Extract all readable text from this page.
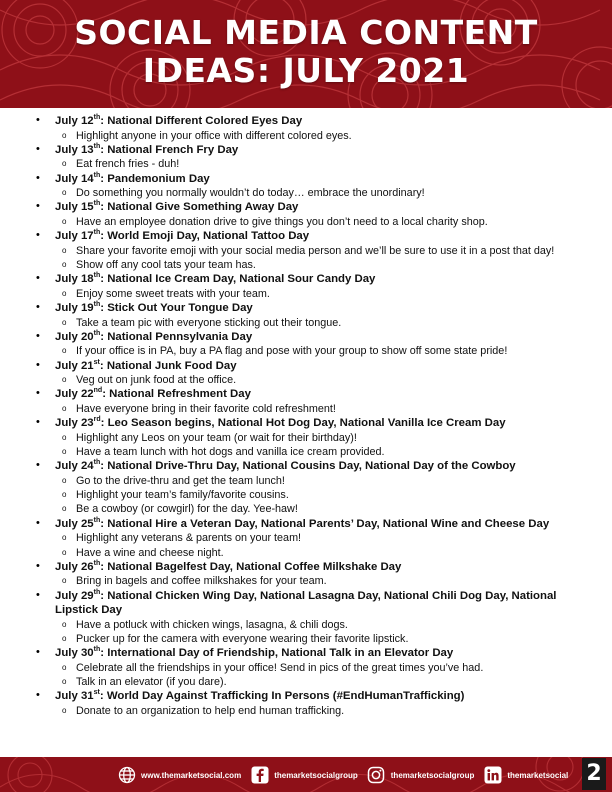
SOCIAL MEDIA CONTENT
IDEAS: JULY 2021
• July 12th: National Different Colored Eyes Day
o Highlight anyone in your office with different colored eyes.
• July 13th: National French Fry Day
o Eat french fries - duh!
• July 14th: Pandemonium Day
o Do something you normally wouldn’t do today… embrace the unordinary!
• July 15th: National Give Something Away Day
o Have an employee donation drive to give things you don’t need to a local charity shop.
• July 17th: World Emoji Day, National Tattoo Day
o Share your favorite emoji with your social media person and we’ll be sure to use it in a post that day!
o Show off any cool tats your team has.
• July 18th: National Ice Cream Day, National Sour Candy Day
o Enjoy some sweet treats with your team.
• July 19th: Stick Out Your Tongue Day
o Take a team pic with everyone sticking out their tongue.
• July 20th: National Pennsylvania Day
o If your office is in PA, buy a PA flag and pose with your group to show off some state pride!
• July 21st: National Junk Food Day
o Veg out on junk food at the office.
• July 22nd: National Refreshment Day
o Have everyone bring in their favorite cold refreshment!
• July 23rd: Leo Season begins, National Hot Dog Day, National Vanilla Ice Cream Day
o Highlight any Leos on your team (or wait for their birthday)!
o Have a team lunch with hot dogs and vanilla ice cream provided.
• July 24th: National Drive-Thru Day, National Cousins Day, National Day of the Cowboy
o Go to the drive-thru and get the team lunch!
o Highlight your team’s family/favorite cousins.
o Be a cowboy (or cowgirl) for the day. Yee-haw!
• July 25th: National Hire a Veteran Day, National Parents’ Day, National Wine and Cheese Day
o Highlight any veterans & parents on your team!
o Have a wine and cheese night.
• July 26th: National Bagelfest Day, National Coffee Milkshake Day
o Bring in bagels and coffee milkshakes for your team.
• July 29th: National Chicken Wing Day, National Lasagna Day, National Chili Dog Day, National Lipstick Day
o Have a potluck with chicken wings, lasagna, & chili dogs.
o Pucker up for the camera with everyone wearing their favorite lipstick.
• July 30th: International Day of Friendship, National Talk in an Elevator Day
o Celebrate all the friendships in your office! Send in pics of the great times you’ve had.
o Talk in an elevator (if you dare).
• July 31st: World Day Against Trafficking In Persons (#EndHumanTrafficking)
o Donate to an organization to help end human trafficking.
www.themarketsocial.com	themarketsocialgroup	themarketsocialgroup	themarketsocial 2
